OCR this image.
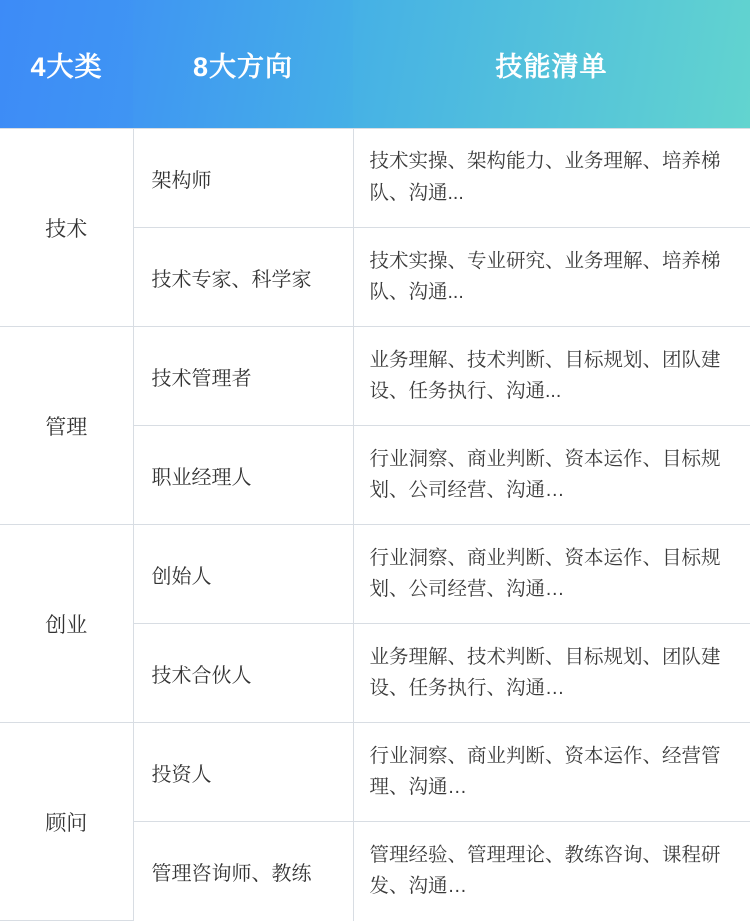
4大类	8大方向	技能清单
技术	架构师	技术实操、架构能力、业务理解、培养梯队、沟通...
	技术专家、科学家	技术实操、专业研究、业务理解、培养梯队、沟通...
管理	技术管理者	业务理解、技术判断、目标规划、团队建设、任务执行、沟通...
	职业经理人	行业洞察、商业判断、资本运作、目标规划、公司经营、沟通…
创业	创始人	行业洞察、商业判断、资本运作、目标规划、公司经营、沟通…
	技术合伙人	业务理解、技术判断、目标规划、团队建设、任务执行、沟通…
顾问	投资人	行业洞察、商业判断、资本运作、经营管理、沟通…
	管理咨询师、教练	管理经验、管理理论、教练咨询、课程研发、沟通…
